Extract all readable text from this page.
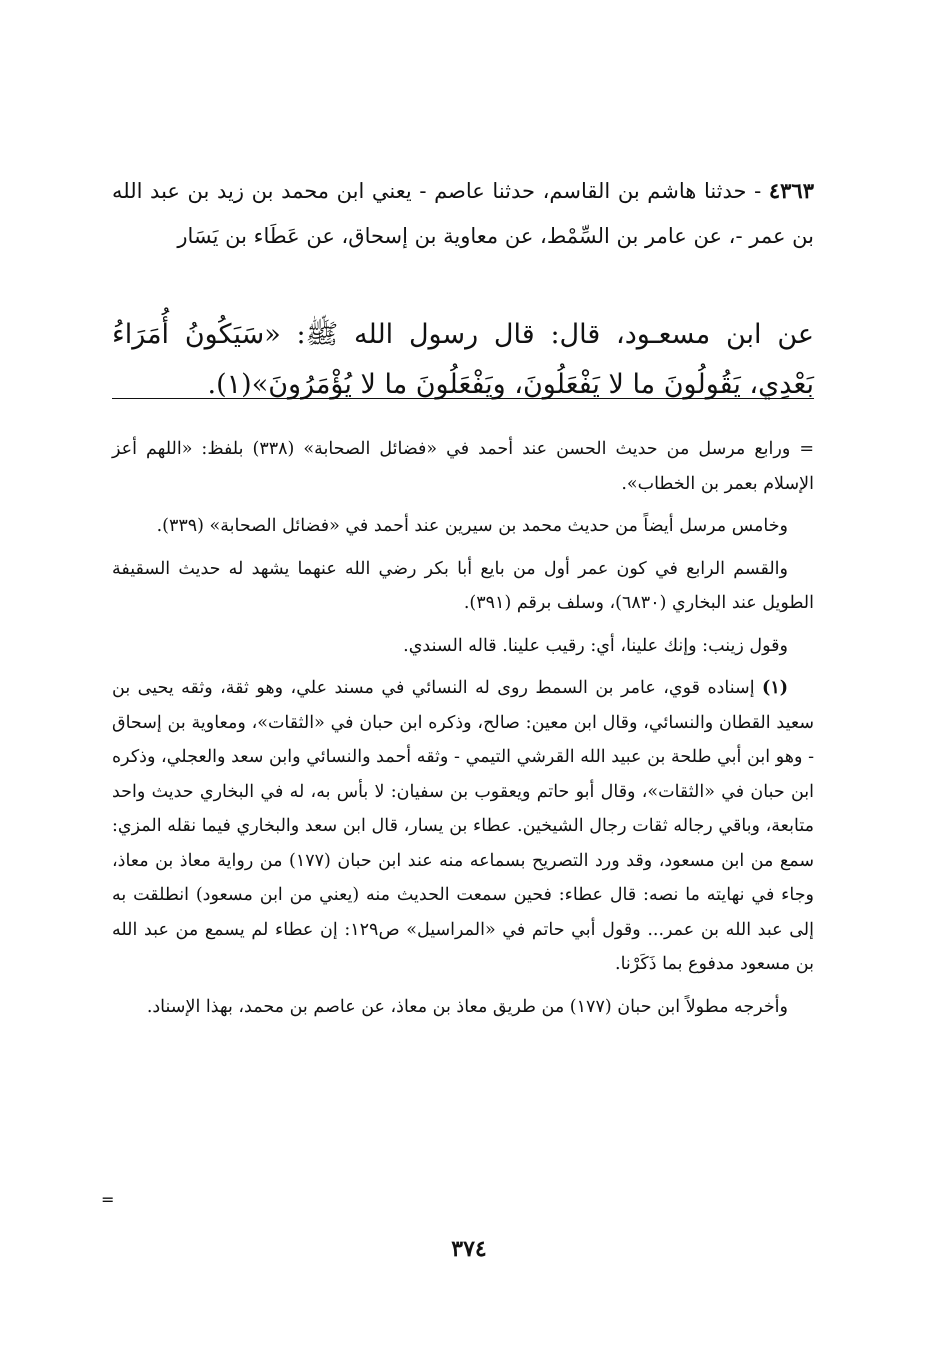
٤٣٦٣ - حدثنا هاشم بن القاسم، حدثنا عاصم - يعني ابن محمد بن زيد بن عبد الله بن عمر -، عن عامر بن السِّمْط، عن معاوية بن إسحاق، عن عَطَاء بن يَسَار
عن ابن مسعـود، قال: قال رسول الله ﷺ: «سَيَكُونُ أُمَرَاءُ بَعْدِي، يَقُولُونَ ما لا يَفْعَلُونَ، ويَفْعَلُونَ ما لا يُؤْمَرُونَ»(١).

= ورابع مرسل من حديث الحسن عند أحمد في «فضائل الصحابة» (٣٣٨) بلفظ: «اللهم أعز الإسلام بعمر بن الخطاب».

وخامس مرسل أيضاً من حديث محمد بن سيرين عند أحمد في «فضائل الصحابة» (٣٣٩).

والقسم الرابع في كون عمر أول من بايع أبا بكر رضي الله عنهما يشهد له حديث السقيفة الطويل عند البخاري (٦٨٣٠)، وسلف برقم (٣٩١).

وقول زينب: وإنك علينا، أي: رقيب علينا. قاله السندي.

(١) إسناده قوي، عامر بن السمط روى له النسائي في مسند علي، وهو ثقة، وثقه يحيى بن سعيد القطان والنسائي، وقال ابن معين: صالح، وذكره ابن حبان في «الثقات»، ومعاوية بن إسحاق - وهو ابن أبي طلحة بن عبيد الله القرشي التيمي - وثقه أحمد والنسائي وابن سعد والعجلي، وذكره ابن حبان في «الثقات»، وقال أبو حاتم ويعقوب بن سفيان: لا بأس به، له في البخاري حديث واحد متابعة، وباقي رجاله ثقات رجال الشيخين. عطاء بن يسار، قال ابن سعد والبخاري فيما نقله المزي: سمع من ابن مسعود، وقد ورد التصريح بسماعه منه عند ابن حبان (١٧٧) من رواية معاذ بن معاذ، وجاء في نهايته ما نصه: قال عطاء: فحين سمعت الحديث منه (يعني من ابن مسعود) انطلقت به إلى عبد الله بن عمر... وقول أبي حاتم في «المراسيل» ص١٢٩: إن عطاء لم يسمع من عبد الله بن مسعود مدفوع بما ذَكَرْنا.

وأخرجه مطولاً ابن حبان (١٧٧) من طريق معاذ بن معاذ، عن عاصم بن محمد، بهذا الإسناد.

=
٣٧٤
